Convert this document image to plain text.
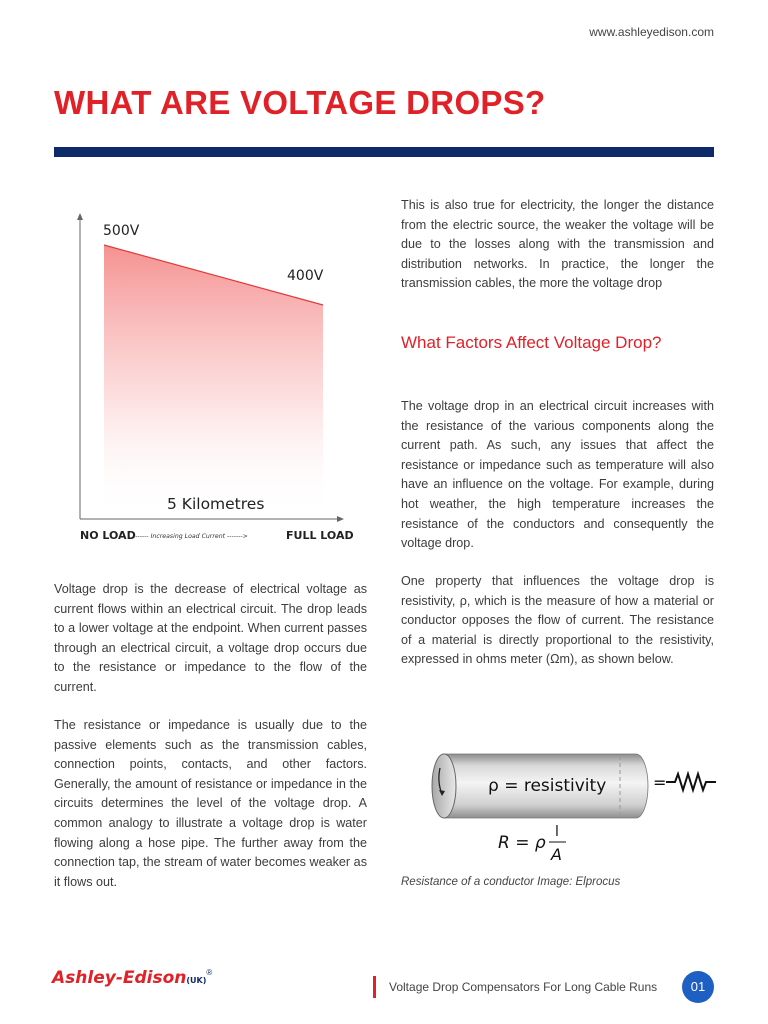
www.ashleyedison.com
WHAT ARE VOLTAGE DROPS?
500V
400V
5 Kilometres
NO LOAD
------- Increasing Load Current ------->	FULL LOAD
Voltage drop is the decrease of electrical voltage as current flows within an electrical circuit. The drop leads to a lower voltage at the endpoint. When current passes through an electrical circuit, a voltage drop occurs due to the resistance or impedance to the flow of the current.
The resistance or impedance is usually due to the passive elements such as the transmission cables, connection points, contacts, and other factors. Generally, the amount of resistance or impedance in the circuits determines the level of the voltage drop. A common analogy to illustrate a voltage drop is water flowing along a hose pipe. The further away from the connection tap, the stream of water becomes weaker as it flows out.
This is also true for electricity, the longer the distance from the electric source, the weaker the voltage will be due to the losses along with the transmission and distribution networks. In practice, the longer the transmission cables, the more the voltage drop
What Factors Affect Voltage Drop?
The voltage drop in an electrical circuit increases with the resistance of the various components along the current path. As such, any issues that affect the resistance or impedance such as temperature will also have an influence on the voltage. For example, during hot weather, the high temperature increases the resistance of the conductors and consequently the voltage drop.
One property that influences the voltage drop is resistivity, ρ, which is the measure of how a material or conductor opposes the flow of current. The resistance of a material is directly proportional to the resistivity, expressed in ohms meter (Ωm), as shown below.
ρ = resistivity	=
R = ρ
l
A
Resistance of a conductor Image: Elprocus
Ashley-Edison(UK)®
Voltage Drop Compensators For Long Cable Runs	01
